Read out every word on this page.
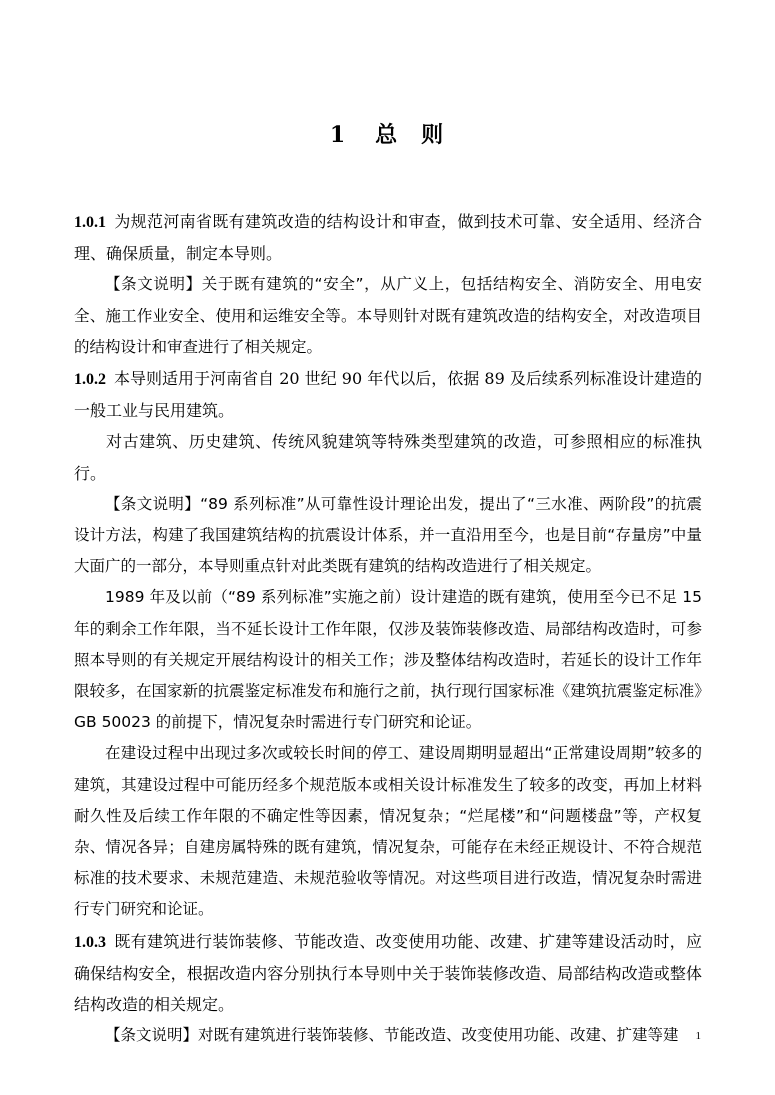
1 总 则

1.0.1 为规范河南省既有建筑改造的结构设计和审查，做到技术可靠、安全适用、经济合理、确保质量，制定本导则。

【条文说明】关于既有建筑的“安全”，从广义上，包括结构安全、消防安全、用电安全、施工作业安全、使用和运维安全等。本导则针对既有建筑改造的结构安全，对改造项目的结构设计和审查进行了相关规定。

1.0.2 本导则适用于河南省自 20 世纪 90 年代以后，依据 89 及后续系列标准设计建造的一般工业与民用建筑。

对古建筑、历史建筑、传统风貌建筑等特殊类型建筑的改造，可参照相应的标准执行。

【条文说明】“89 系列标准”从可靠性设计理论出发，提出了“三水准、两阶段”的抗震设计方法，构建了我国建筑结构的抗震设计体系，并一直沿用至今，也是目前“存量房”中量大面广的一部分，本导则重点针对此类既有建筑的结构改造进行了相关规定。

1989 年及以前（“89 系列标准”实施之前）设计建造的既有建筑，使用至今已不足 15 年的剩余工作年限，当不延长设计工作年限，仅涉及装饰装修改造、局部结构改造时，可参照本导则的有关规定开展结构设计的相关工作；涉及整体结构改造时，若延长的设计工作年限较多，在国家新的抗震鉴定标准发布和施行之前，执行现行国家标准《建筑抗震鉴定标准》GB 50023 的前提下，情况复杂时需进行专门研究和论证。

在建设过程中出现过多次或较长时间的停工、建设周期明显超出“正常建设周期”较多的建筑，其建设过程中可能历经多个规范版本或相关设计标准发生了较多的改变，再加上材料耐久性及后续工作年限的不确定性等因素，情况复杂；“烂尾楼”和“问题楼盘”等，产权复杂、情况各异；自建房属特殊的既有建筑，情况复杂，可能存在未经正规设计、不符合规范标准的技术要求、未规范建造、未规范验收等情况。对这些项目进行改造，情况复杂时需进行专门研究和论证。

1.0.3 既有建筑进行装饰装修、节能改造、改变使用功能、改建、扩建等建设活动时，应确保结构安全，根据改造内容分别执行本导则中关于装饰装修改造、局部结构改造或整体结构改造的相关规定。

【条文说明】对既有建筑进行装饰装修、节能改造、改变使用功能、改建、扩建等建	1
